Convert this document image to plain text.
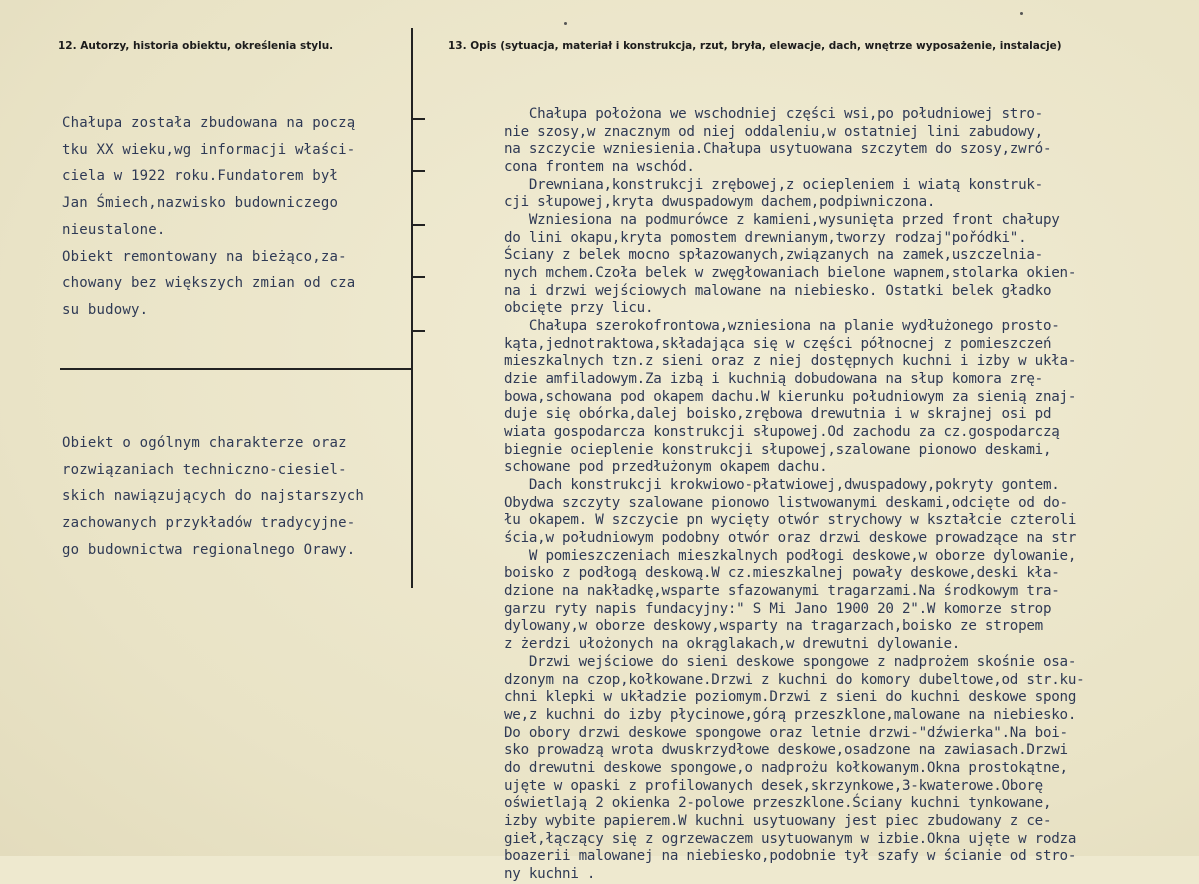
12. Autorzy, historia obiektu, określenia stylu.	13. Opis (sytuacja, materiał i konstrukcja, rzut, bryła, elewacje, dach, wnętrze wyposażenie, instalacje)
Chałupa została zbudowana na począ
tku XX wieku,wg informacji właści-
ciela w 1922 roku.Fundatorem był
Jan Śmiech,nazwisko budowniczego
nieustalone.
Obiekt remontowany na bieżąco,za-
chowany bez większych zmian od cza
su budowy.
Obiekt o ogólnym charakterze oraz
rozwiązaniach techniczno-ciesiel-
skich nawiązujących do najstarszych
zachowanych przykładów tradycyjne-
go budownictwa regionalnego Orawy.
Chałupa położona we wschodniej części wsi,po południowej stro-
nie szosy,w znacznym od niej oddaleniu,w ostatniej lini zabudowy,
na szczycie wzniesienia.Chałupa usytuowana szczytem do szosy,zwró-
cona frontem na wschód.
Drewniana,konstrukcji zrębowej,z ociepleniem i wiatą konstruk-
cji słupowej,kryta dwuspadowym dachem,podpiwniczona.
Wzniesiona na podmurówce z kamieni,wysunięta przed front chałupy
do lini okapu,kryta pomostem drewnianym,tworzy rodzaj"pořódki".
Ściany z belek mocno spłazowanych,związanych na zamek,uszczelnia-
nych mchem.Czoła belek w zwęgłowaniach bielone wapnem,stolarka okien-
na i drzwi wejściowych malowane na niebiesko. Ostatki belek gładko
obcięte przy licu.
Chałupa szerokofrontowa,wzniesiona na planie wydłużonego prosto-
kąta,jednotraktowa,składająca się w części północnej z pomieszczeń
mieszkalnych tzn.z sieni oraz z niej dostępnych kuchni i izby w ukła-
dzie amfiladowym.Za izbą i kuchnią dobudowana na słup komora zrę-
bowa,schowana pod okapem dachu.W kierunku południowym za sienią znaj-
duje się obórka,dalej boisko,zrębowa drewutnia i w skrajnej osi pd
wiata gospodarcza konstrukcji słupowej.Od zachodu za cz.gospodarczą
biegnie ocieplenie konstrukcji słupowej,szalowane pionowo deskami,
schowane pod przedłużonym okapem dachu.
Dach konstrukcji krokwiowo-płatwiowej,dwuspadowy,pokryty gontem.
Obydwa szczyty szalowane pionowo listwowanymi deskami,odcięte od do-
łu okapem. W szczycie pn wycięty otwór strychowy w kształcie czteroli
ścia,w południowym podobny otwór oraz drzwi deskowe prowadzące na str
W pomieszczeniach mieszkalnych podłogi deskowe,w oborze dylowanie,
boisko z podłogą deskową.W cz.mieszkalnej powały deskowe,deski kła-
dzione na nakładkę,wsparte sfazowanymi tragarzami.Na środkowym tra-
garzu ryty napis fundacyjny:" S Mi Jano 1900 20 2".W komorze strop
dylowany,w oborze deskowy,wsparty na tragarzach,boisko ze stropem
z żerdzi ułożonych na okrąglakach,w drewutni dylowanie.
Drzwi wejściowe do sieni deskowe spongowe z nadprożem skośnie osa-
dzonym na czop,kołkowane.Drzwi z kuchni do komory dubeltowe,od str.ku-
chni klepki w układzie poziomym.Drzwi z sieni do kuchni deskowe spong
we,z kuchni do izby płycinowe,górą przeszklone,malowane na niebiesko.
Do obory drzwi deskowe spongowe oraz letnie drzwi-"dźwierka".Na boi-
sko prowadzą wrota dwuskrzydłowe deskowe,osadzone na zawiasach.Drzwi
do drewutni deskowe spongowe,o nadprożu kołkowanym.Okna prostokątne,
ujęte w opaski z profilowanych desek,skrzynkowe,3-kwaterowe.Oborę
oświetlają 2 okienka 2-polowe przeszklone.Ściany kuchni tynkowane,
izby wybite papierem.W kuchni usytuowany jest piec zbudowany z ce-
gieł,łączący się z ogrzewaczem usytuowanym w izbie.Okna ujęte w rodza
boazerii malowanej na niebiesko,podobnie tył szafy w ścianie od stro-
ny kuchni .
